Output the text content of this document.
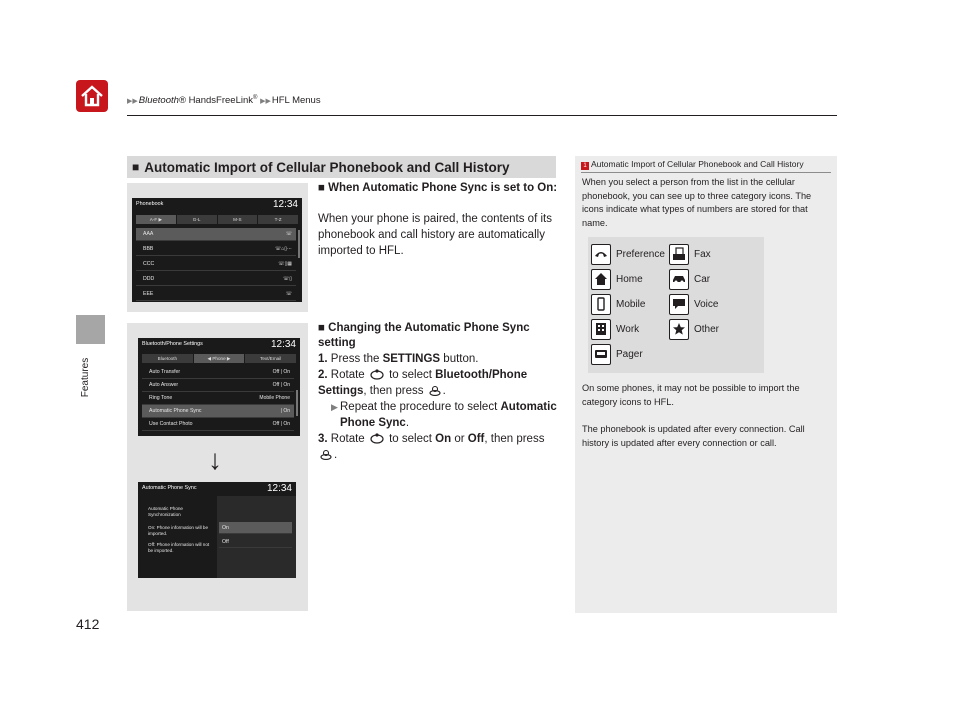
▶▶Bluetooth® HandsFreeLink® ▶▶HFL Menus
Features
412
■ Automatic Import of Cellular Phonebook and Call History
Phonebook	12:34
A-F ▶	G-L	M-S	T-Z
AAA	☏
BBB	☏⌂▯⋯
CCC	☏▯▦
DDD	☏▯
EEE	☏
Bluetooth/Phone Settings	12:34
Bluetooth	◀ Phone ▶	Text/Email
Auto Transfer	Off | On
Auto Answer	Off | On
Ring Tone	Mobile Phone
Automatic Phone Sync	| On
Use Contact Photo	Off | On
↓
Automatic Phone Sync	12:34
Automatic Phone Synchronization
On: Phone information will be imported.
Off: Phone information will not be imported.
On
Off
■ When Automatic Phone Sync is set to On:
When your phone is paired, the contents of its phonebook and call history are automatically imported to HFL.
■ Changing the Automatic Phone Sync setting
1. Press the SETTINGS button.
2. Rotate to select Bluetooth/Phone Settings, then press .
▶ Repeat the procedure to select Automatic Phone Sync.
3. Rotate to select On or Off, then press .
1 Automatic Import of Cellular Phonebook and Call History
When you select a person from the list in the cellular phonebook, you can see up to three category icons. The icons indicate what types of numbers are stored for that name.
Preference	Fax
Home	Car
Mobile	Voice
Work	Other
Pager
On some phones, it may not be possible to import the category icons to HFL.
The phonebook is updated after every connection. Call history is updated after every connection or call.
